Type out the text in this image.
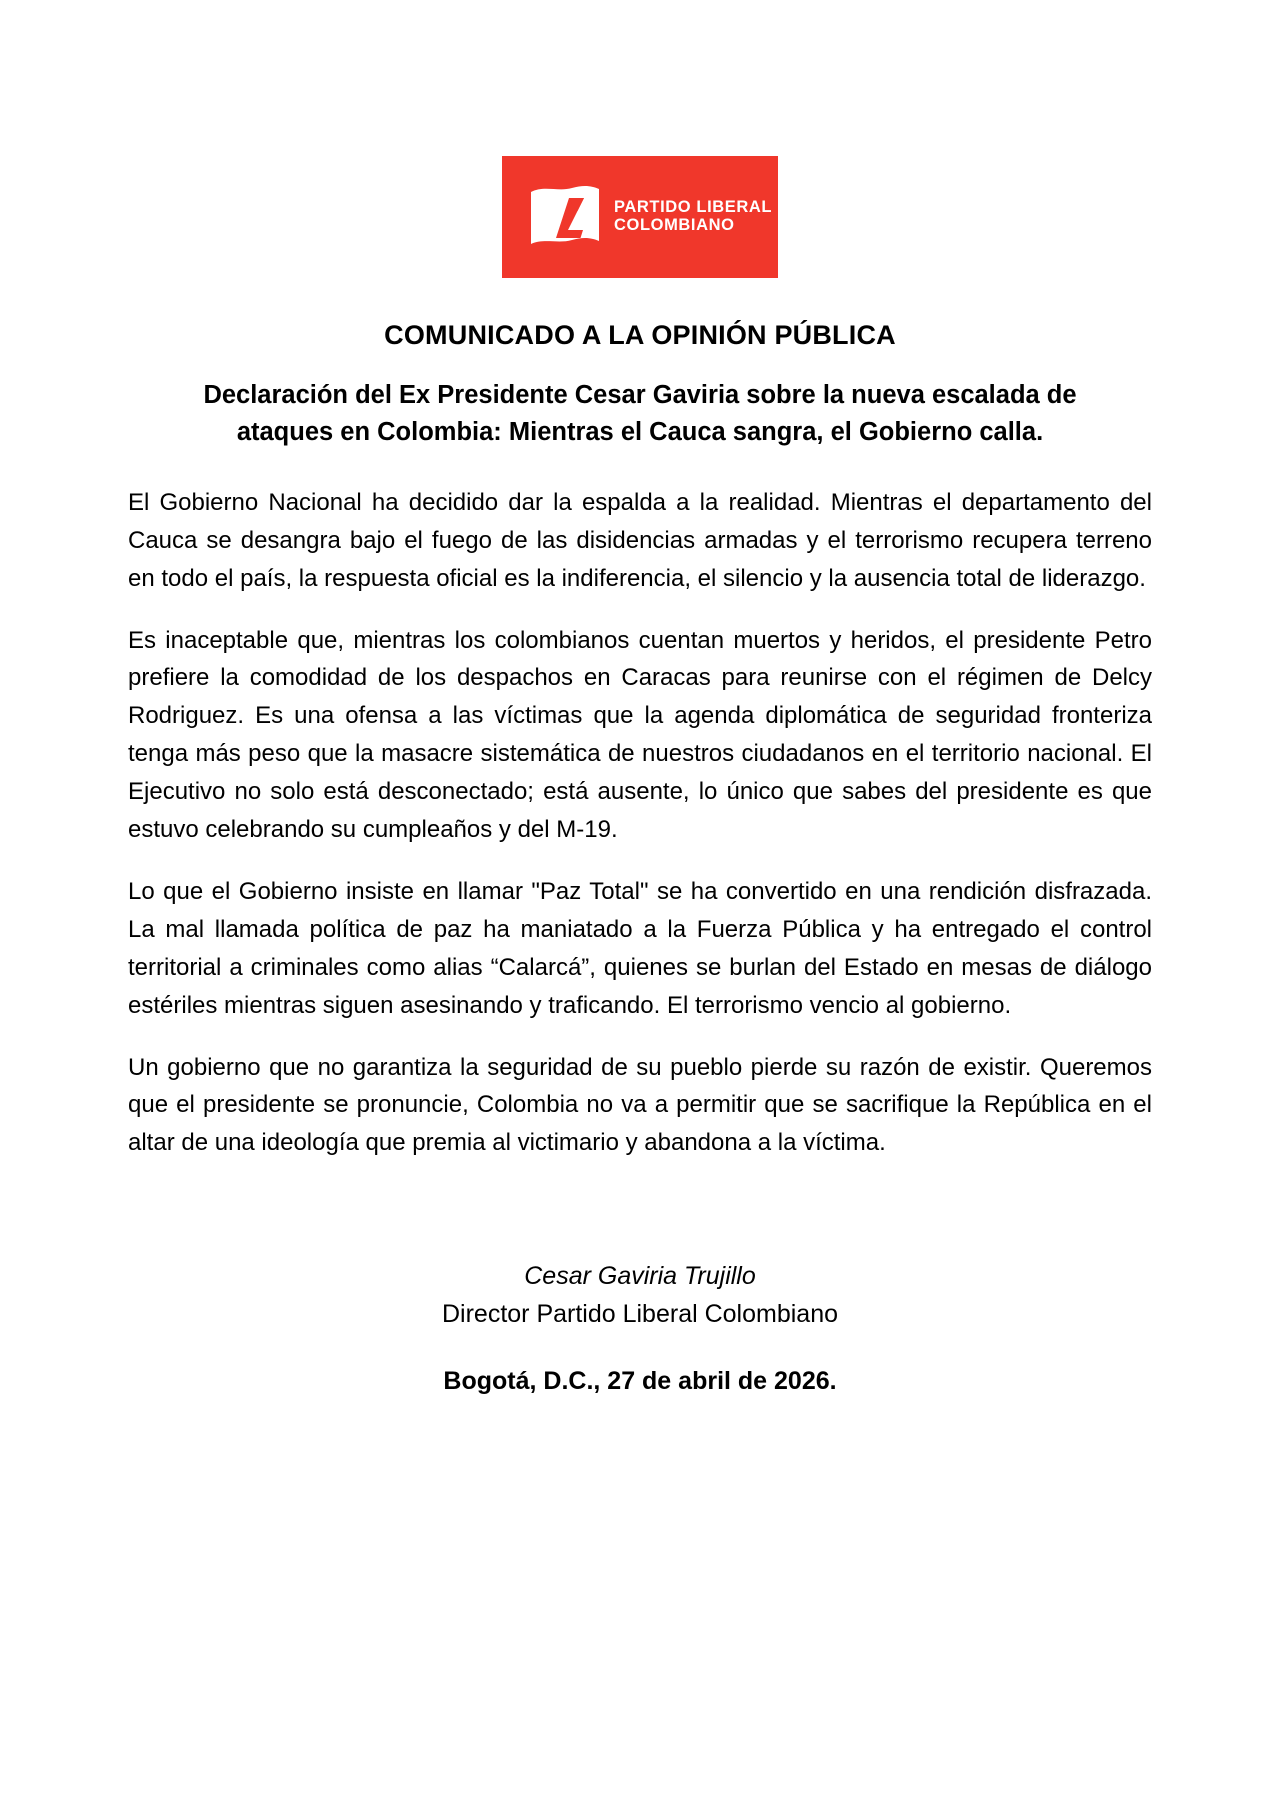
PARTIDO LIBERAL
COLOMBIANO
COMUNICADO A LA OPINIÓN PÚBLICA
Declaración del Ex Presidente Cesar Gaviria sobre la nueva escalada de ataques en Colombia: Mientras el Cauca sangra, el Gobierno calla.

El Gobierno Nacional ha decidido dar la espalda a la realidad. Mientras el departamento del Cauca se desangra bajo el fuego de las disidencias armadas y el terrorismo recupera terreno en todo el país, la respuesta oficial es la indiferencia, el silencio y la ausencia total de liderazgo.

Es inaceptable que, mientras los colombianos cuentan muertos y heridos, el presidente Petro prefiere la comodidad de los despachos en Caracas para reunirse con el régimen de Delcy Rodriguez. Es una ofensa a las víctimas que la agenda diplomática de seguridad fronteriza tenga más peso que la masacre sistemática de nuestros ciudadanos en el territorio nacional. El Ejecutivo no solo está desconectado; está ausente, lo único que sabes del presidente es que estuvo celebrando su cumpleaños y del M-19.

Lo que el Gobierno insiste en llamar "Paz Total" se ha convertido en una rendición disfrazada. La mal llamada política de paz ha maniatado a la Fuerza Pública y ha entregado el control territorial a criminales como alias “Calarcá”, quienes se burlan del Estado en mesas de diálogo estériles mientras siguen asesinando y traficando. El terrorismo vencio al gobierno.

Un gobierno que no garantiza la seguridad de su pueblo pierde su razón de existir. Queremos que el presidente se pronuncie, Colombia no va a permitir que se sacrifique la República en el altar de una ideología que premia al victimario y abandona a la víctima.

Cesar Gaviria Trujillo
Director Partido Liberal Colombiano
Bogotá, D.C., 27 de abril de 2026.
